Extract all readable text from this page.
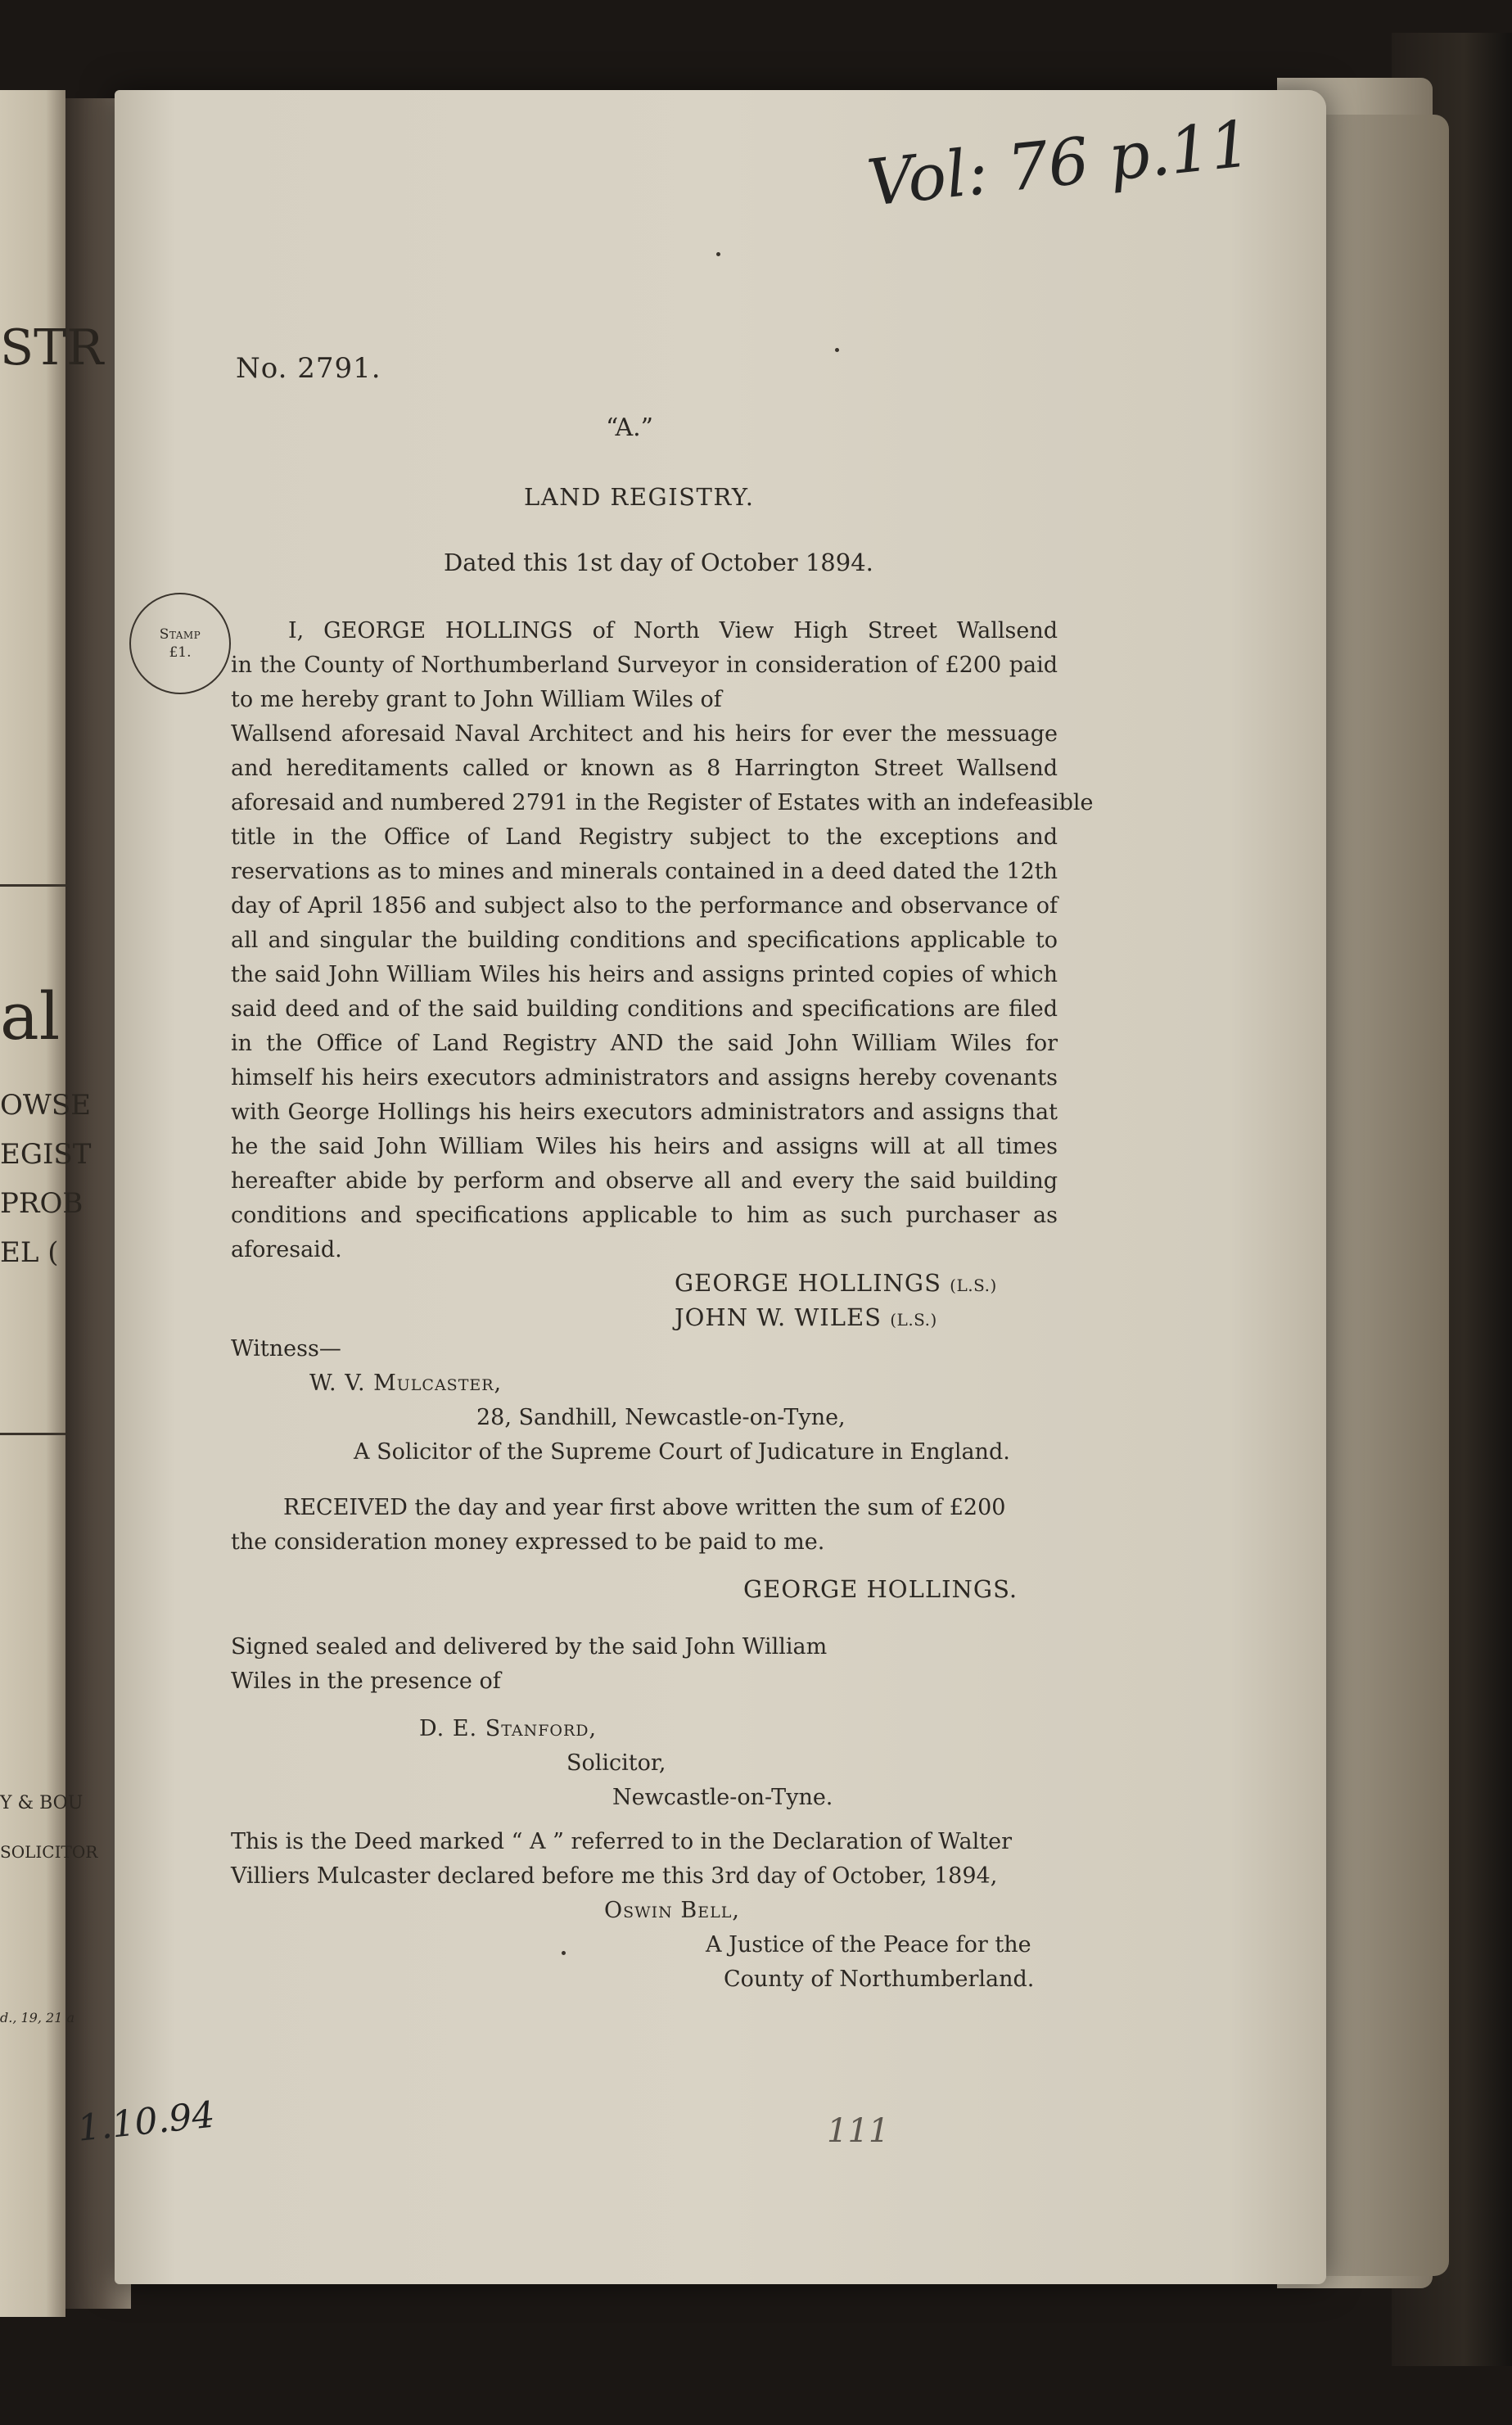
STR
al
OWSE
EGIST
PROB
EL (
Y & BOU
SOLICITOR
d., 19, 21 a
Vol: 76 p.11
No. 2791.
“A.”
LAND REGISTRY.
Dated this 1st day of October 1894.
Stamp
£1.
I, GEORGE HOLLINGS of North View High Street Wallsend
in the County of Northumberland Surveyor in consideration of £200 paid
to me hereby grant to John William Wiles of
Wallsend aforesaid Naval Architect and his heirs for ever the messuage
and hereditaments called or known as 8 Harrington Street Wallsend
aforesaid and numbered 2791 in the Register of Estates with an indefeasible
title in the Office of Land Registry subject to the exceptions and
reservations as to mines and minerals contained in a deed dated the 12th
day of April 1856 and subject also to the performance and observance of
all and singular the building conditions and specifications applicable to
the said John William Wiles his heirs and assigns printed copies of which
said deed and of the said building conditions and specifications are filed
in the Office of Land Registry AND the said John William Wiles for
himself his heirs executors administrators and assigns hereby covenants
with George Hollings his heirs executors administrators and assigns that
he the said John William Wiles his heirs and assigns will at all times
hereafter abide by perform and observe all and every the said building
conditions and specifications applicable to him as such purchaser as
aforesaid.
GEORGE HOLLINGS (L.S.)
JOHN W. WILES (L.S.)
Witness—
W. V. Mulcaster,
28, Sandhill, Newcastle-on-Tyne,
A Solicitor of the Supreme Court of Judicature in England.
RECEIVED the day and year first above written the sum of £200
the consideration money expressed to be paid to me.
GEORGE HOLLINGS.
Signed sealed and delivered by the said John William
Wiles in the presence of
D. E. Stanford,
Solicitor,
Newcastle-on-Tyne.
This is the Deed marked “ A ” referred to in the Declaration of Walter
Villiers Mulcaster declared before me this 3rd day of October, 1894,
Oswin Bell,
A Justice of the Peace for the
County of Northumberland.
111
1.10.94
